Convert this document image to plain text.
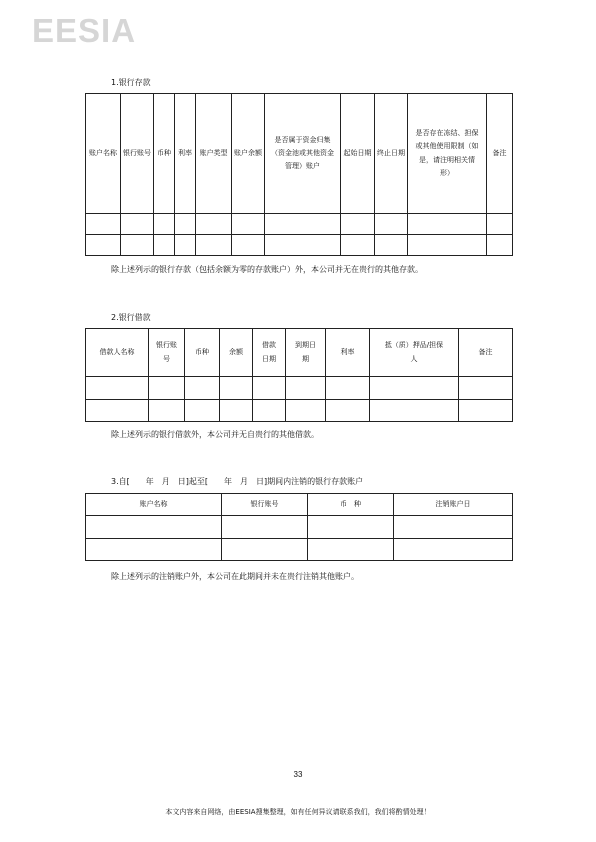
EESIA
1.银行存款
账户名称	银行账号	币种	利率	账户类型	账户余额	是否属于资金归集（资金池或其他资金管理）账户	起始日期	终止日期	是否存在冻结、担保或其他使用限制（如是，请注明相关情形）	备注

除上述列示的银行存款（包括余额为零的存款账户）外，本公司并无在贵行的其他存款。
2.银行借款
借款人名称	银行账号	币种	余额	借款日期	到期日期	利率	抵（质）押品/担保人	备注

除上述列示的银行借款外，本公司并无自贵行的其他借款。
3.自[　　年　月　日]起至[　　年　月　日]期间内注销的银行存款账户
账户名称	银行账号	币　种	注销账户日

除上述列示的注销账户外，本公司在此期间并未在贵行注销其他账户。
33
本文内容来自网络，由EESIA搜集整理，如有任何异议请联系我们，我们将酌情处理！
